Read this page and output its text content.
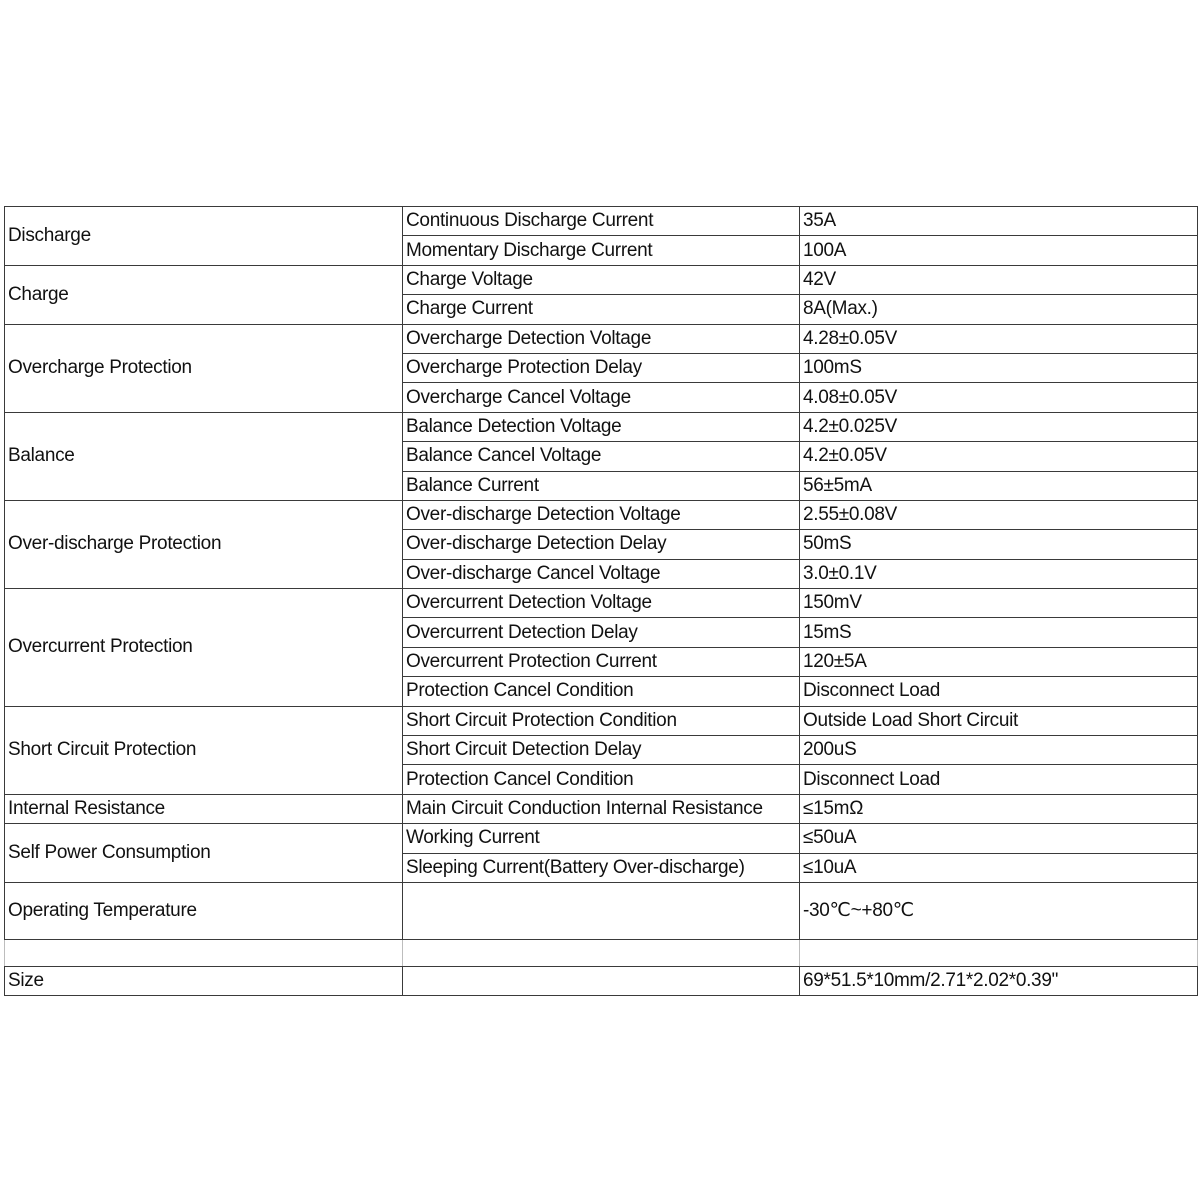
Discharge	Continuous Discharge Current	35A
	Momentary Discharge Current	100A
Charge	Charge Voltage	42V
	Charge Current	8A(Max.)
Overcharge Protection	Overcharge Detection Voltage	4.28±0.05V
	Overcharge Protection Delay	100mS
	Overcharge Cancel Voltage	4.08±0.05V
Balance	Balance Detection Voltage	4.2±0.025V
	Balance Cancel Voltage	4.2±0.05V
	Balance Current	56±5mA
Over-discharge Protection	Over-discharge Detection Voltage	2.55±0.08V
	Over-discharge Detection Delay	50mS
	Over-discharge Cancel Voltage	3.0±0.1V
Overcurrent Protection	Overcurrent Detection Voltage	150mV
	Overcurrent Detection Delay	15mS
	Overcurrent Protection Current	120±5A
	Protection Cancel Condition	Disconnect Load
Short Circuit Protection	Short Circuit Protection Condition	Outside Load Short Circuit
	Short Circuit Detection Delay	200uS
	Protection Cancel Condition	Disconnect Load
Internal Resistance	Main Circuit Conduction Internal Resistance	≤15mΩ
Self Power Consumption	Working Current	≤50uA
	Sleeping Current(Battery Over-discharge)	≤10uA
Operating Temperature		-30℃~+80℃

Size		69*51.5*10mm/2.71*2.02*0.39"
